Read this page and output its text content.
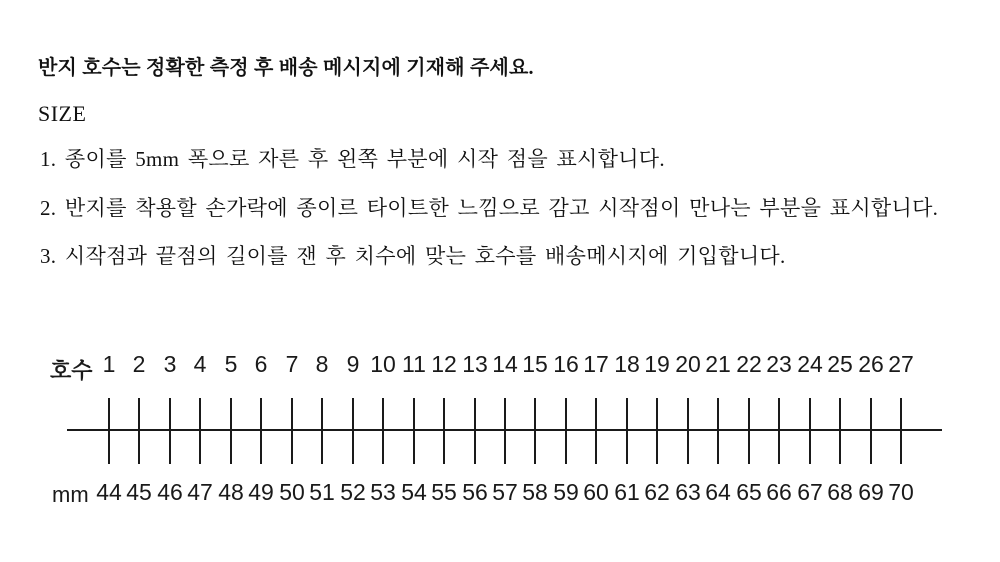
반지 호수는 정확한 측정 후 배송 메시지에 기재해 주세요.

SIZE

1. 종이를 5mm 폭으로 자른 후 왼쪽 부분에 시작 점을 표시합니다.

2. 반지를 착용할 손가락에 종이르 타이트한 느낌으로 감고 시작점이 만나는 부분을 표시합니다.

3. 시작점과 끝점의 길이를 잰 후 치수에 맞는 호수를 배송메시지에 기입합니다.

호수 1 2 3 4 5 6 7 8 9 10 11 12 13 14 15 16 17 18 19 20 21 22 23 24 25 26 27
mm 44 45 46 47 48 49 50 51 52 53 54 55 56 57 58 59 60 61 62 63 64 65 66 67 68 69 70
